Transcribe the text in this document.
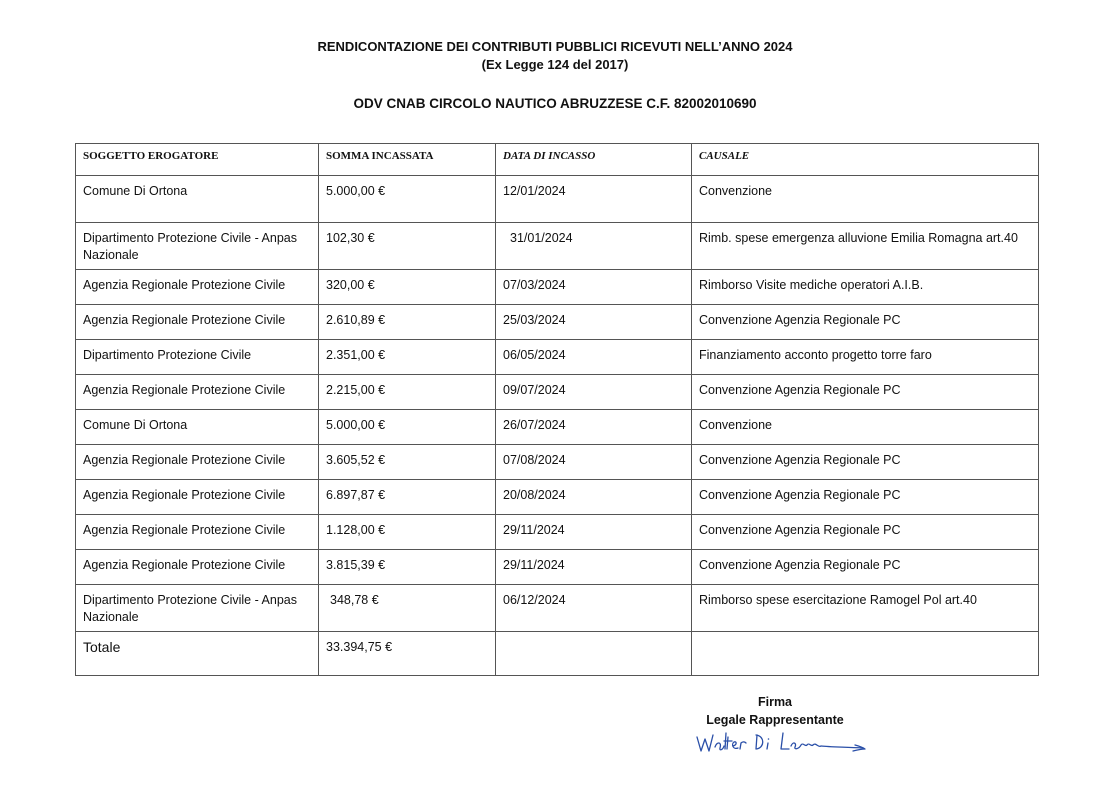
RENDICONTAZIONE DEI CONTRIBUTI PUBBLICI RICEVUTI NELL’ANNO 2024
(Ex Legge 124 del 2017)
ODV CNAB CIRCOLO NAUTICO ABRUZZESE C.F. 82002010690
SOGGETTO EROGATORE	SOMMA INCASSATA	DATA DI INCASSO	CAUSALE
Comune Di Ortona	5.000,00 €	12/01/2024	Convenzione
Dipartimento Protezione Civile - Anpas Nazionale	102,30 €	31/01/2024	Rimb. spese emergenza alluvione Emilia Romagna art.40
Agenzia Regionale Protezione Civile	320,00 €	07/03/2024	Rimborso Visite mediche operatori A.I.B.
Agenzia Regionale Protezione Civile	2.610,89 €	25/03/2024	Convenzione Agenzia Regionale PC
Dipartimento Protezione Civile	2.351,00 €	06/05/2024	Finanziamento acconto progetto torre faro
Agenzia Regionale Protezione Civile	2.215,00 €	09/07/2024	Convenzione Agenzia Regionale PC
Comune Di Ortona	5.000,00 €	26/07/2024	Convenzione
Agenzia Regionale Protezione Civile	3.605,52 €	07/08/2024	Convenzione Agenzia Regionale PC
Agenzia Regionale Protezione Civile	6.897,87 €	20/08/2024	Convenzione Agenzia Regionale PC
Agenzia Regionale Protezione Civile	1.128,00 €	29/11/2024	Convenzione Agenzia Regionale PC
Agenzia Regionale Protezione Civile	3.815,39 €	29/11/2024	Convenzione Agenzia Regionale PC
Dipartimento Protezione Civile - Anpas Nazionale	348,78 €	06/12/2024	Rimborso spese esercitazione Ramogel Pol art.40
Totale	33.394,75 €		
Firma
Legale Rappresentante
